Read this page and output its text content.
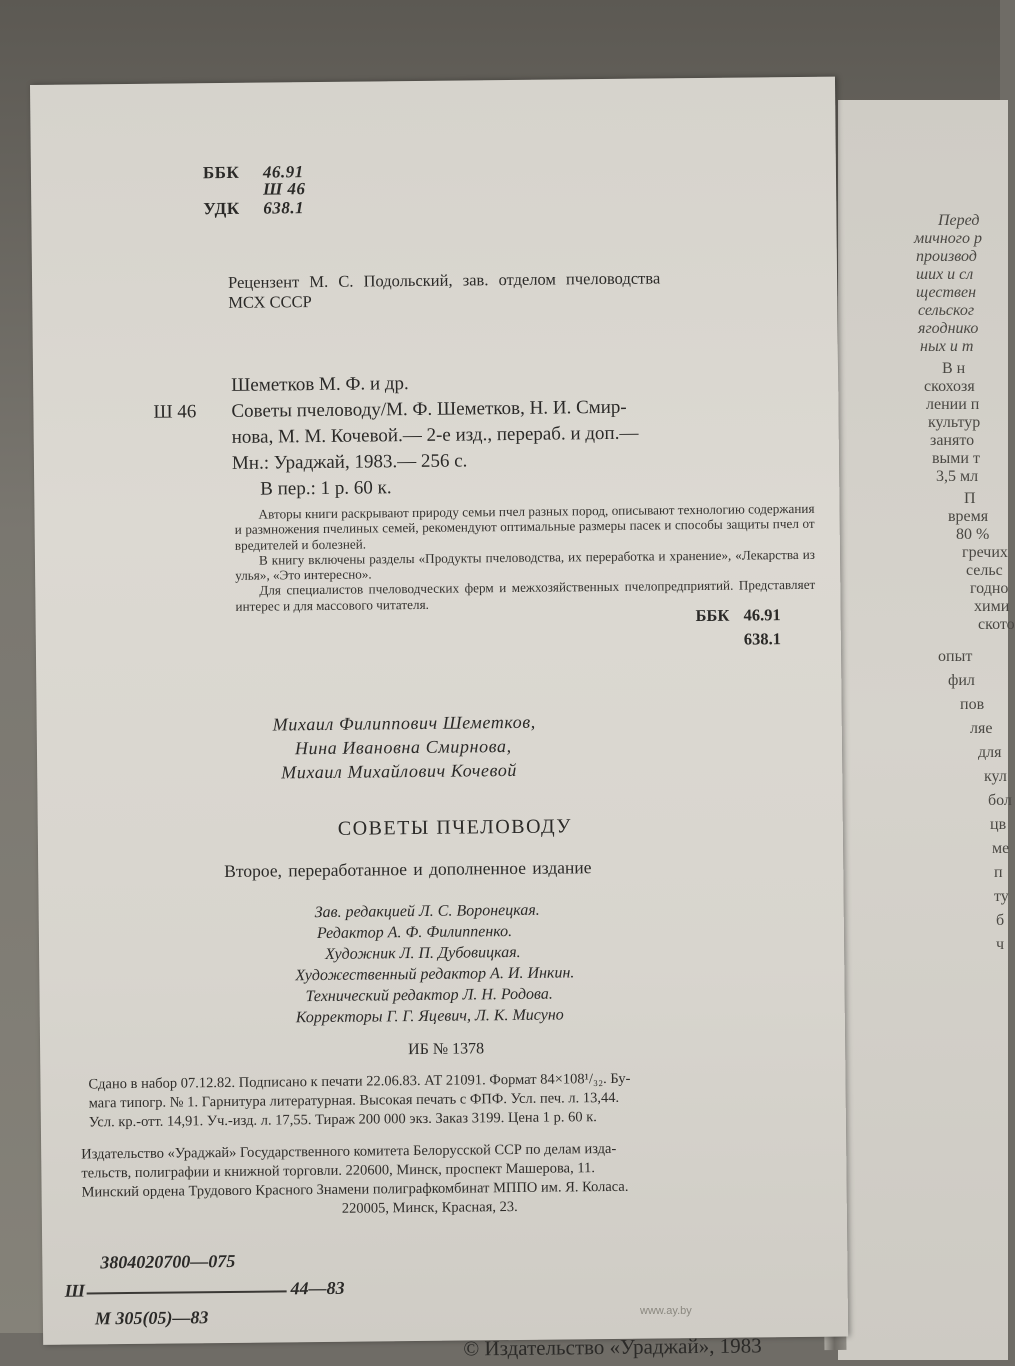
Перед
мичного р
производ
ших и сл
ществен
сельског
ягоднико
ных и т
В н
скохозя
лении п
культур
занято
выми т
3,5 мл
П
время
80 %
гречих
сельс
годно
хими
ското
опыт
фил
пов
ляе
для
кул
бол
цв
ме
п
ту
б
ч
ББК 46.91
Ш 46
УДК 638.1
Рецензент М. С. Подольский, зав. отделом пчеловодства
МСХ СССР
Шеметков М. Ф. и др.
Ш 46 Советы пчеловоду/М. Ф. Шеметков, Н. И. Смир-
нова, М. М. Кочевой.— 2-е изд., перераб. и доп.—
Мн.: Ураджай, 1983.— 256 с.
В пер.: 1 р. 60 к.

Авторы книги раскрывают природу семьи пчел разных пород, описывают технологию содержания и размножения пчелиных семей, рекомендуют оптимальные размеры пасек и способы защиты пчел от вредителей и болезней.

В книгу включены разделы «Продукты пчеловодства, их переработка и хранение», «Лекарства из улья», «Это интересно».

Для специалистов пчеловодческих ферм и межхозяйственных пчелопредприятий. Представляет интерес и для массового читателя.

ББК 46.91
638.1
Михаил Филиппович Шеметков,
Нина Ивановна Смирнова,
Михаил Михайлович Кочевой
СОВЕТЫ ПЧЕЛОВОДУ
Второе, переработанное и дополненное издание
Зав. редакцией Л. С. Воронецкая.
Редактор А. Ф. Филиппенко.
Художник Л. П. Дубовицкая.
Художественный редактор А. И. Инкин.
Технический редактор Л. Н. Родова.
Корректоры Г. Г. Яцевич, Л. К. Мисуно
ИБ № 1378
Сдано в набор 07.12.82. Подписано к печати 22.06.83. АТ 21091. Формат 84×108¹/₃₂. Бу-
мага типогр. № 1. Гарнитура литературная. Высокая печать с ФПФ. Усл. печ. л. 13,44.
Усл. кр.-отт. 14,91. Уч.-изд. л. 17,55. Тираж 200 000 экз. Заказ 3199. Цена 1 р. 60 к.
Издательство «Ураджай» Государственного комитета Белорусской ССР по делам изда-
тельств, полиграфии и книжной торговли. 220600, Минск, проспект Машерова, 11.
Минский ордена Трудового Красного Знамени полиграфкомбинат МППО им. Я. Коласа.
220005, Минск, Красная, 23.
3804020700—075
Ш	44—83
М 305(05)—83
© Издательство «Ураджай», 1983
www.ay.by
